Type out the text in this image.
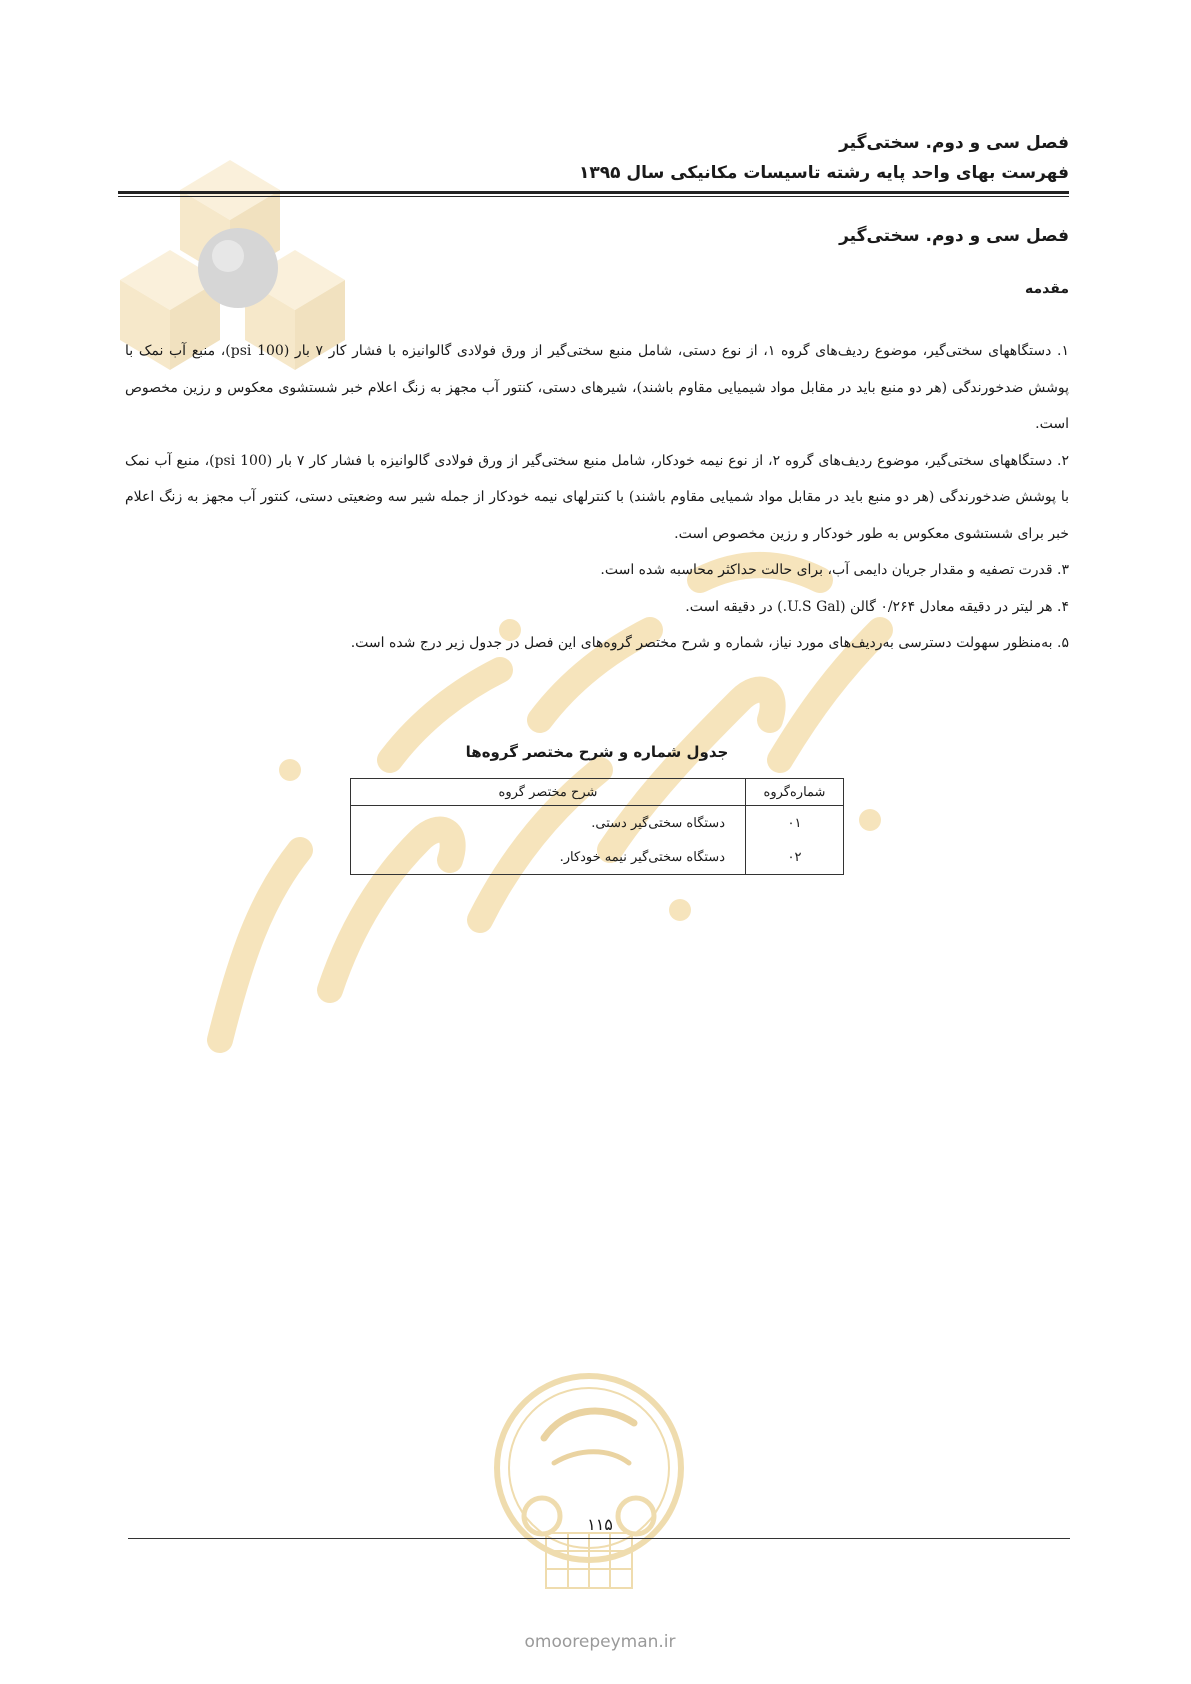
فصل سی و دوم. سختی‌گیر
فهرست بهای واحد پایه رشته تاسیسات مکانیکی سال ۱۳۹۵
فصل سی و دوم. سختی‌گیر
مقدمه

۱. دستگاههای سختی‌گیر، موضوع ردیف‌های گروه ۱، از نوع دستی، شامل منبع سختی‌گیر از ورق فولادی گالوانیزه با فشار کار ۷ بار (100 psi)، منبع آب نمک با پوشش ضدخورندگی (هر دو منبع باید در مقابل مواد شیمیایی مقاوم باشند)، شیرهای دستی، کنتور آب مجهز به زنگ اعلام خبر شستشوی معکوس و رزین مخصوص است.

۲. دستگاههای سختی‌گیر، موضوع ردیف‌های گروه ۲، از نوع نیمه خودکار، شامل منبع سختی‌گیر از ورق فولادی گالوانیزه با فشار کار ۷ بار (100 psi)، منبع آب نمک با پوشش ضدخورندگی (هر دو منبع باید در مقابل مواد شمیایی مقاوم باشند) با کنترلهای نیمه خودکار از جمله شیر سه وضعیتی دستی، کنتور آب مجهز به زنگ اعلام خبر برای شستشوی معکوس به طور خودکار و رزین مخصوص است.

۳. قدرت تصفیه و مقدار جریان دایمی آب، برای حالت حداکثر محاسبه شده است.

۴. هر لیتر در دقیقه معادل ۰/۲۶۴ گالن (U.S Gal.) در دقیقه است.

۵. به‌منظور سهولت دسترسی به‌ردیف‌های مورد نیاز، شماره و شرح مختصر گروه‌های این فصل در جدول زیر درج شده است.

جدول شماره و شرح مختصر گروه‌ها
شماره‌گروه	شرح مختصر گروه
۰۱	دستگاه سختی‌گیر دستی.
۰۲	دستگاه سختی‌گیر نیمه خودکار.
۱۱۵
omoorepeyman.ir
